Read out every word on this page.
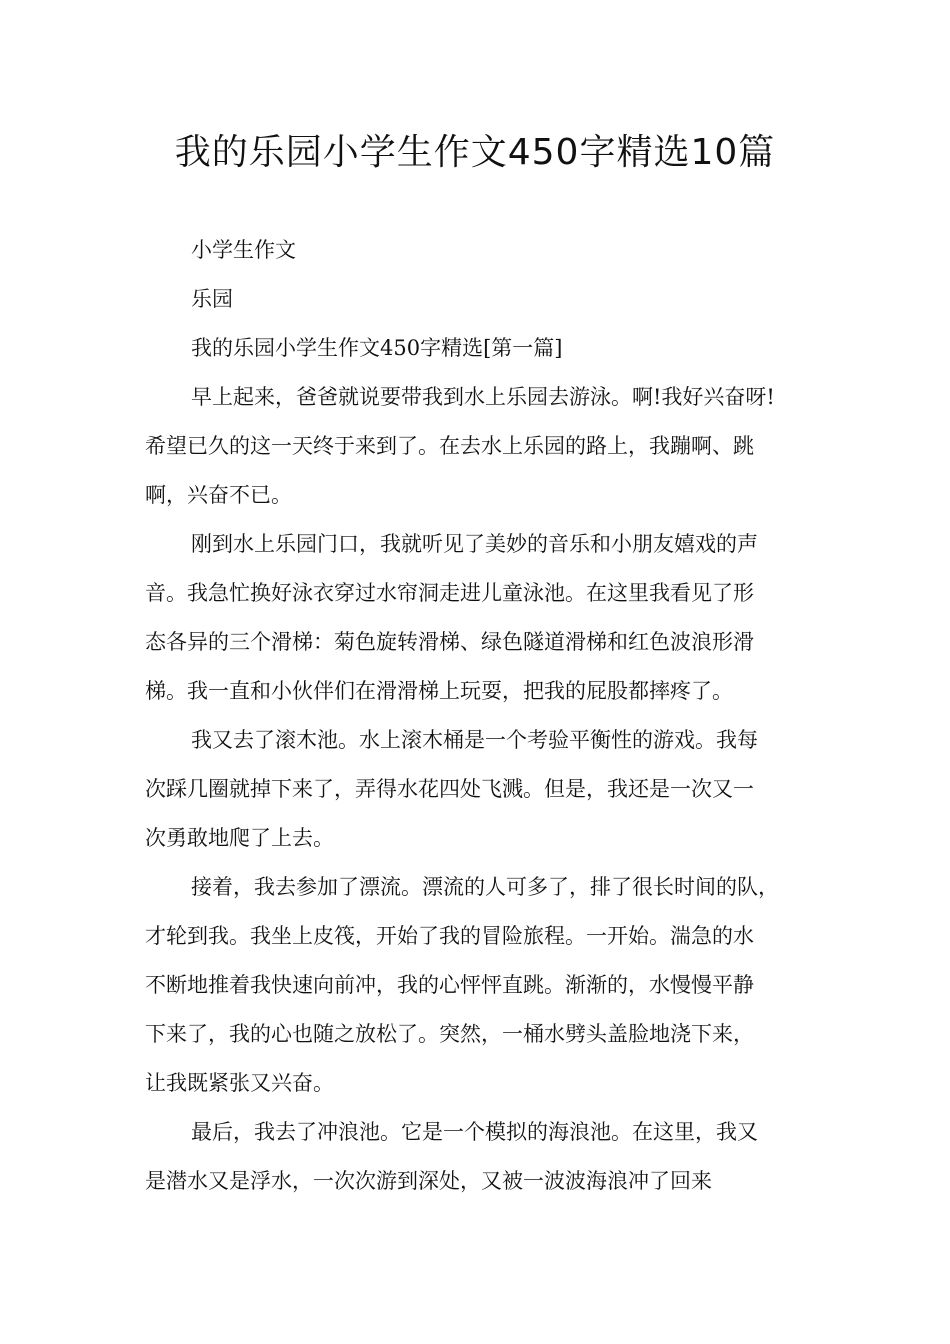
我的乐园小学生作文450字精选10篇
小学生作文
乐园
我的乐园小学生作文450字精选[第一篇]
早上起来，爸爸就说要带我到水上乐园去游泳。啊!我好兴奋呀!
希望已久的这一天终于来到了。在去水上乐园的路上，我蹦啊、跳
啊，兴奋不已。
刚到水上乐园门口，我就听见了美妙的音乐和小朋友嬉戏的声
音。我急忙换好泳衣穿过水帘洞走进儿童泳池。在这里我看见了形
态各异的三个滑梯：菊色旋转滑梯、绿色隧道滑梯和红色波浪形滑
梯。我一直和小伙伴们在滑滑梯上玩耍，把我的屁股都摔疼了。
我又去了滚木池。水上滚木桶是一个考验平衡性的游戏。我每
次踩几圈就掉下来了，弄得水花四处飞溅。但是，我还是一次又一
次勇敢地爬了上去。
接着，我去参加了漂流。漂流的人可多了，排了很长时间的队，
才轮到我。我坐上皮筏，开始了我的冒险旅程。一开始。湍急的水
不断地推着我快速向前冲，我的心怦怦直跳。渐渐的，水慢慢平静
下来了，我的心也随之放松了。突然，一桶水劈头盖脸地浇下来，
让我既紧张又兴奋。
最后，我去了冲浪池。它是一个模拟的海浪池。在这里，我又
是潜水又是浮水，一次次游到深处，又被一波波海浪冲了回来
